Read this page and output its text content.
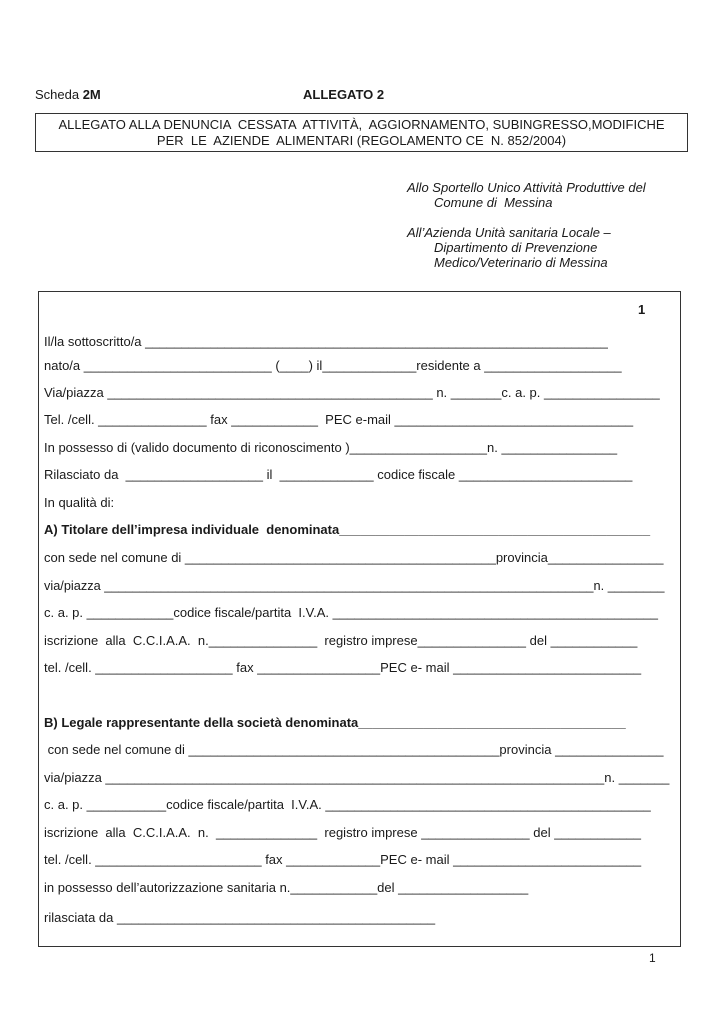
Scheda 2M	ALLEGATO 2
ALLEGATO ALLA DENUNCIA  CESSATA  ATTIVITÀ,  AGGIORNAMENTO, SUBINGRESSO,MODIFICHE
PER  LE  AZIENDE  ALIMENTARI (REGOLAMENTO CE  N. 852/2004)
Allo Sportello Unico Attività Produttive del
Comune di  Messina
All’Azienda Unità sanitaria Locale –
Dipartimento di Prevenzione
Medico/Veterinario di Messina
1
Il/la sottoscritto/a ________________________________________________________________
nato/a __________________________ (____) il_____________residente a ___________________
Via/piazza _____________________________________________ n. _______c. a. p. ________________
Tel. /cell. _______________ fax ____________  PEC e-mail _________________________________
In possesso di (valido documento di riconoscimento )___________________n. ________________
Rilasciato da  ___________________ il  _____________ codice fiscale ________________________
In qualità di:
A) Titolare dell’impresa individuale  denominata___________________________________________
con sede nel comune di ___________________________________________provincia________________
via/piazza _____________________________________________________________________n. ________
c. a. p. ____________codice fiscale/partita  I.V.A. _____________________________________________
iscrizione  alla  C.C.I.A.A.  n._______________  registro imprese_______________ del ____________
tel. /cell. ___________________ fax _________________PEC e- mail __________________________
B) Legale rappresentante della società denominata_____________________________________
con sede nel comune di ___________________________________________provincia _______________
via/piazza _____________________________________________________________________n. _______
c. a. p. ___________codice fiscale/partita  I.V.A. _____________________________________________
iscrizione  alla  C.C.I.A.A.  n.  ______________  registro imprese _______________ del ____________
tel. /cell. _______________________ fax _____________PEC e- mail __________________________
in possesso dell’autorizzazione sanitaria n.____________del __________________
rilasciata da ____________________________________________
1
